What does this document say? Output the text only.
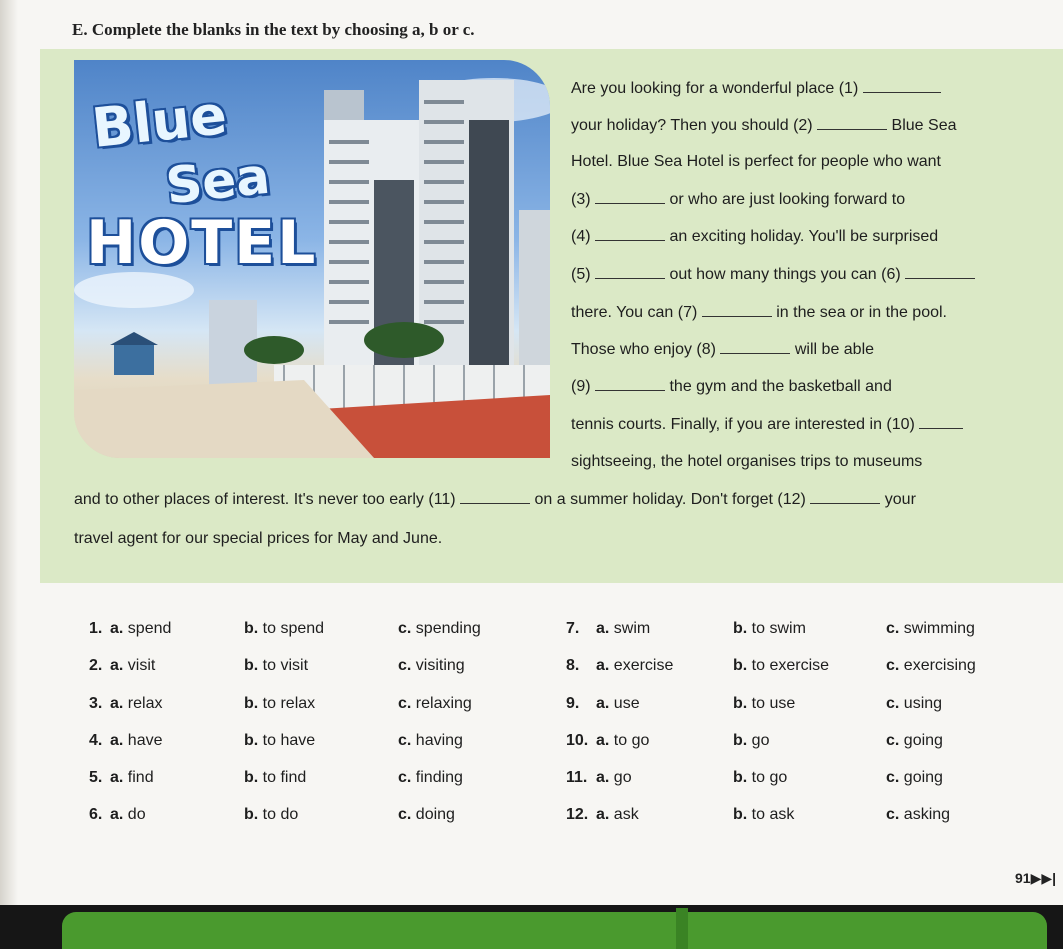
E. Complete the blanks in the text by choosing a, b or c.
Blue
Sea
HOTEL
Are you looking for a wonderful place (1)
your holiday? Then you should (2)	Blue Sea
Hotel. Blue Sea Hotel is perfect for people who want
(3)	or who are just looking forward to
(4)	an exciting holiday. You'll be surprised
(5)	out how many things you can (6)
there. You can (7)	in the sea or in the pool.
Those who enjoy (8)	will be able
(9)	the gym and the basketball and
tennis courts. Finally, if you are interested in (10)
sightseeing, the hotel organises trips to museums
and to other places of interest. It's never too early (11)	on a summer holiday. Don't forget (12)	your
travel agent for our special prices for May and June.
1. a. spend	b. to spend	c. spending
2. a. visit	b. to visit	c. visiting
3. a. relax	b. to relax	c. relaxing
4. a. have	b. to have	c. having
5. a. find	b. to find	c. finding
6. a. do	b. to do	c. doing
7. a. swim	b. to swim	c. swimming
8. a. exercise	b. to exercise	c. exercising
9. a. use	b. to use	c. using
10. a. to go	b. go	c. going
11. a. go	b. to go	c. going
12. a. ask	b. to ask	c. asking
91▶▶|
